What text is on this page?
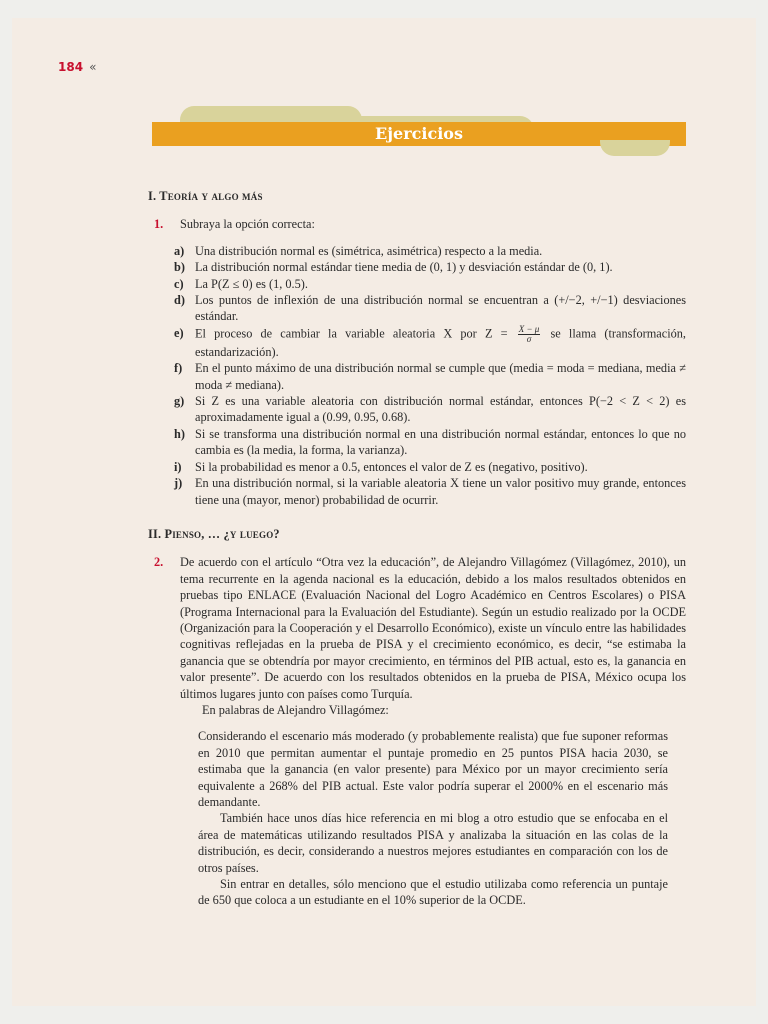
184 «
Ejercicios
I. Teoría y algo más
1.	Subraya la opción correcta:
a) Una distribución normal es (simétrica, asimétrica) respecto a la media.
b) La distribución normal estándar tiene media de (0, 1) y desviación estándar de (0, 1).
c) La P(Z ≤ 0) es (1, 0.5).
d) Los puntos de inflexión de una distribución normal se encuentran a (+/−2, +/−1) desviaciones estándar.
e) El proceso de cambiar la variable aleatoria X por $Z = \frac{X - \mu}{\sigma}$ se llama (transformación, estandarización).
f)	En el punto máximo de una distribución normal se cumple que (media = moda = mediana, media ≠ moda ≠ mediana).
g) Si Z es una variable aleatoria con distribución normal estándar, entonces P(−2 < Z < 2) es aproximadamente igual a (0.99, 0.95, 0.68).
h) Si se transforma una distribución normal en una distribución normal estándar, entonces lo que no cambia es (la media, la forma, la varianza).
i)	Si la probabilidad es menor a 0.5, entonces el valor de Z es (negativo, positivo).
j)	En una distribución normal, si la variable aleatoria X tiene un valor positivo muy grande, entonces tiene una (mayor, menor) probabilidad de ocurrir.
II. Pienso, … ¿y luego?
2.	De acuerdo con el artículo “Otra vez la educación”, de Alejandro Villagómez (Villagómez, 2010), un tema recurrente en la agenda nacional es la educación, debido a los malos resultados obtenidos en pruebas tipo ENLACE (Evaluación Nacional del Logro Académico en Centros Escolares) o PISA (Programa Internacional para la Evaluación del Estudiante). Según un estudio realizado por la OCDE (Organización para la Cooperación y el Desarrollo Económico), existe un vínculo entre las habilidades cognitivas reflejadas en la prueba de PISA y el crecimiento económico, es decir, “se estimaba la ganancia que se obtendría por mayor crecimiento, en términos del PIB actual, esto es, la ganancia en valor presente”. De acuerdo con los resultados obtenidos en la prueba de PISA, México ocupa los últimos lugares junto con países como Turquía.
En palabras de Alejandro Villagómez:

Considerando el escenario más moderado (y probablemente realista) que fue suponer reformas en 2010 que permitan aumentar el puntaje promedio en 25 puntos PISA hacia 2030, se estimaba que la ganancia (en valor presente) para México por un mayor crecimiento sería equivalente a 268% del PIB actual. Este valor podría superar el 2000% en el escenario más demandante.

También hace unos días hice referencia en mi blog a otro estudio que se enfocaba en el área de matemáticas utilizando resultados PISA y analizaba la situación en las colas de la distribución, es decir, considerando a nuestros mejores estudiantes en comparación con los de otros países.

Sin entrar en detalles, sólo menciono que el estudio utilizaba como referencia un puntaje de 650 que coloca a un estudiante en el 10% superior de la OCDE.
